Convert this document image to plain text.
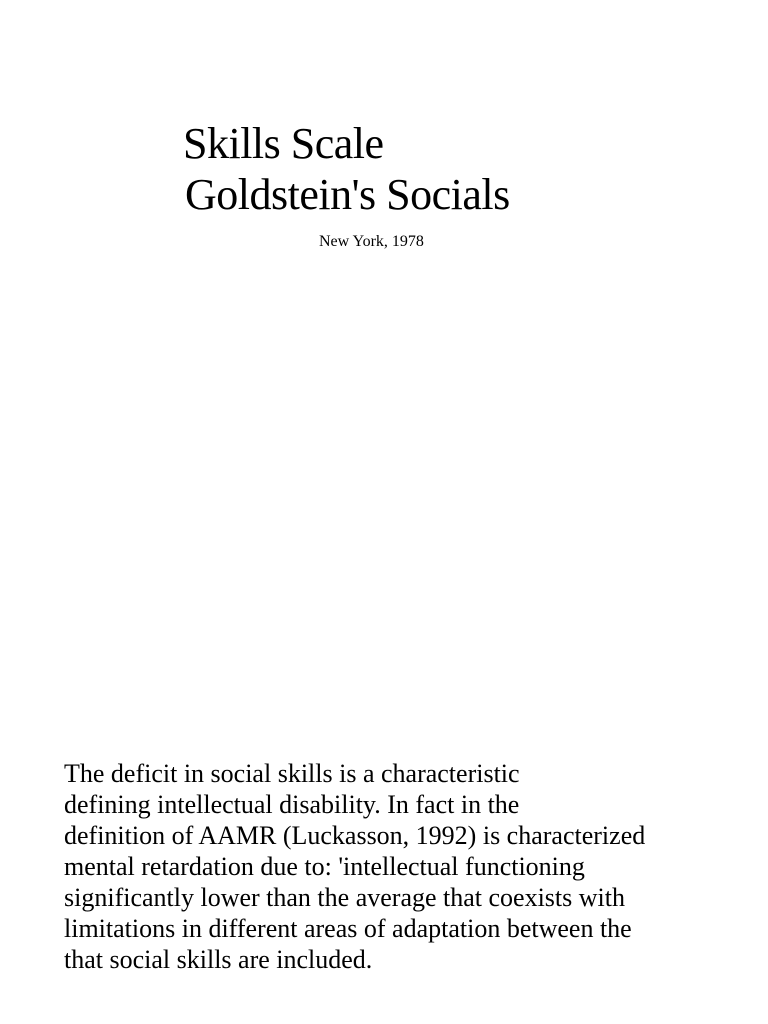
Skills Scale
Goldstein's Socials

New York, 1978

The deficit in social skills is a characteristic
defining intellectual disability. In fact in the
definition of AAMR (Luckasson, 1992) is characterized
mental retardation due to: 'intellectual functioning
significantly lower than the average that coexists with
limitations in different areas of adaptation between the
that social skills are included.
